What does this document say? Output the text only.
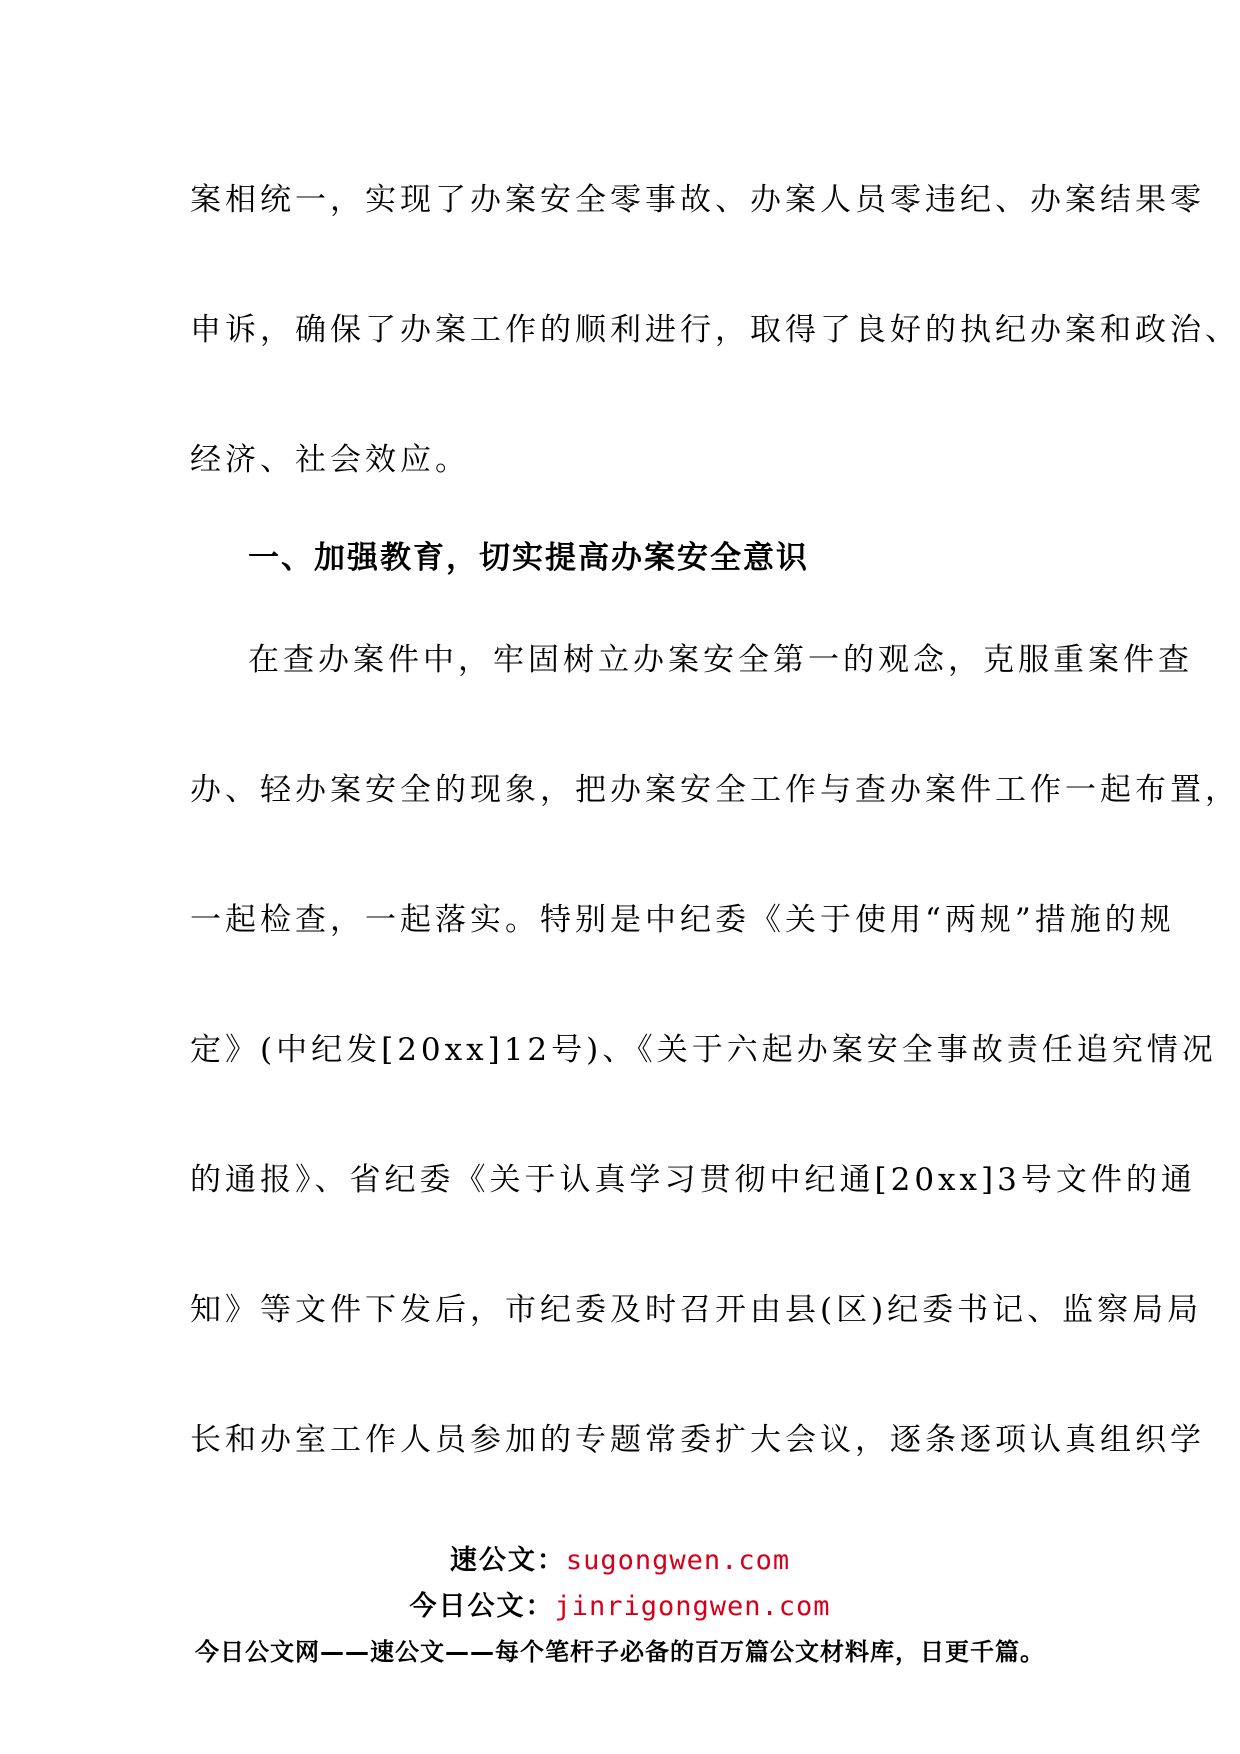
案相统一，实现了办案安全零事故、办案人员零违纪、办案结果零
申诉，确保了办案工作的顺利进行，取得了良好的执纪办案和政治、
经济、社会效应。
一、加强教育，切实提高办案安全意识
在查办案件中，牢固树立办案安全第一的观念，克服重案件查
办、轻办案安全的现象，把办案安全工作与查办案件工作一起布置，
一起检查，一起落实。特别是中纪委《关于使用“两规”措施的规
定》(中纪发[20xx]12号)、《关于六起办案安全事故责任追究情况
的通报》、省纪委《关于认真学习贯彻中纪通[20xx]3号文件的通
知》等文件下发后，市纪委及时召开由县(区)纪委书记、监察局局
长和办室工作人员参加的专题常委扩大会议，逐条逐项认真组织学
速公文：sugongwen.com
今日公文：jinrigongwen.com
今日公文网——速公文——每个笔杆子必备的百万篇公文材料库，日更千篇。
